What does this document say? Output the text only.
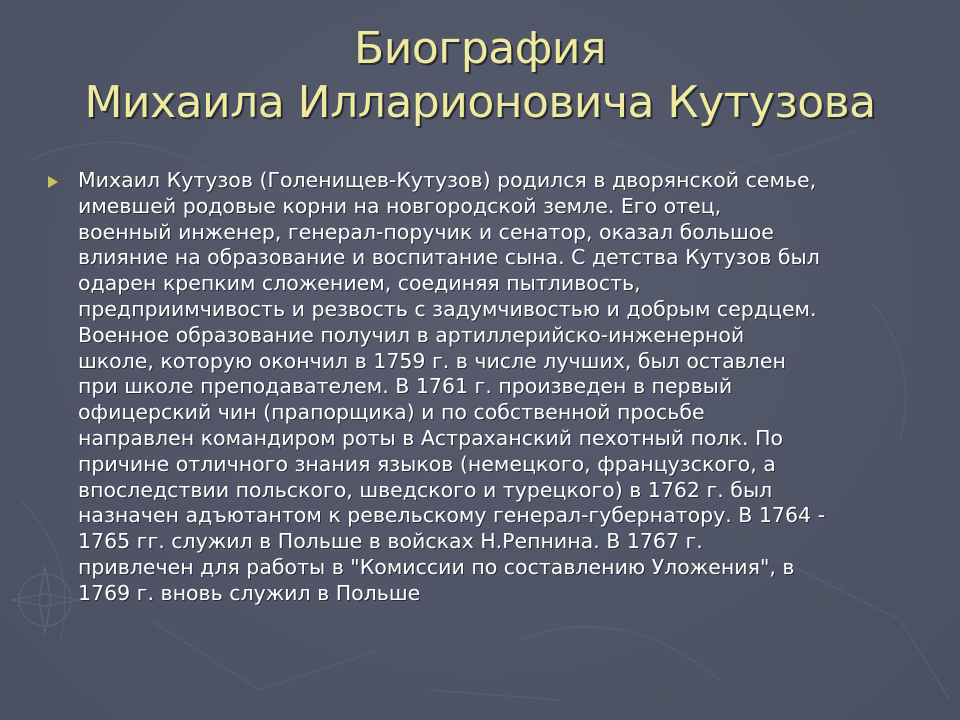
Биография
Михаила Илларионовича Кутузова

Михаил Кутузов (Голенищев-Кутузов) родился в дворянской семье,
имевшей родовые корни на новгородской земле. Его отец,
военный инженер, генерал-поручик и сенатор, оказал большое
влияние на образование и воспитание сына. С детства Кутузов был
одарен крепким сложением, соединяя пытливость,
предприимчивость и резвость с задумчивостью и добрым сердцем.
Военное образование получил в артиллерийско-инженерной
школе, которую окончил в 1759 г. в числе лучших, был оставлен
при школе преподавателем. В 1761 г. произведен в первый
офицерский чин (прапорщика) и по собственной просьбе
направлен командиром роты в Астраханский пехотный полк. По
причине отличного знания языков (немецкого, французского, а
впоследствии польского, шведского и турецкого) в 1762 г. был
назначен адъютантом к ревельскому генерал-губернатору. В 1764 -
1765 гг. служил в Польше в войсках Н.Репнина. В 1767 г.
привлечен для работы в "Комиссии по составлению Уложения", в
1769 г. вновь служил в Польше
